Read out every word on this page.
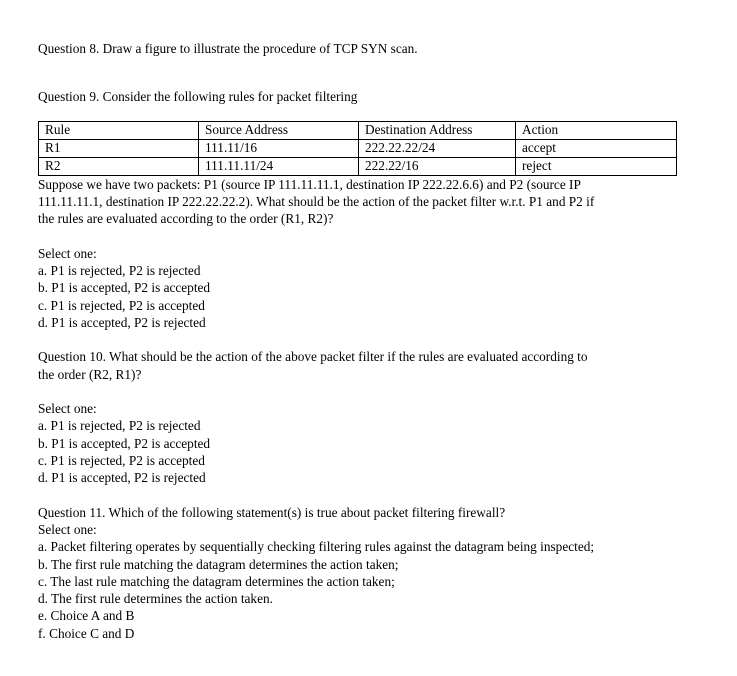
Question 8. Draw a figure to illustrate the procedure of TCP SYN scan.
Question 9. Consider the following rules for packet filtering
Rule	Source Address	Destination Address	Action
R1	111.11/16	222.22.22/24	accept
R2	111.11.11/24	222.22/16	reject
Suppose we have two packets: P1 (source IP 111.11.11.1, destination IP 222.22.6.6) and P2 (source IP
111.11.11.1, destination IP 222.22.22.2). What should be the action of the packet filter w.r.t. P1 and P2 if
the rules are evaluated according to the order (R1, R2)?
Select one:
a. P1 is rejected, P2 is rejected
b. P1 is accepted, P2 is accepted
c. P1 is rejected, P2 is accepted
d. P1 is accepted, P2 is rejected
Question 10. What should be the action of the above packet filter if the rules are evaluated according to
the order (R2, R1)?
Select one:
a. P1 is rejected, P2 is rejected
b. P1 is accepted, P2 is accepted
c. P1 is rejected, P2 is accepted
d. P1 is accepted, P2 is rejected
Question 11. Which of the following statement(s) is true about packet filtering firewall?
Select one:
a. Packet filtering operates by sequentially checking filtering rules against the datagram being inspected;
b. The first rule matching the datagram determines the action taken;
c. The last rule matching the datagram determines the action taken;
d. The first rule determines the action taken.
e. Choice A and B
f. Choice C and D
